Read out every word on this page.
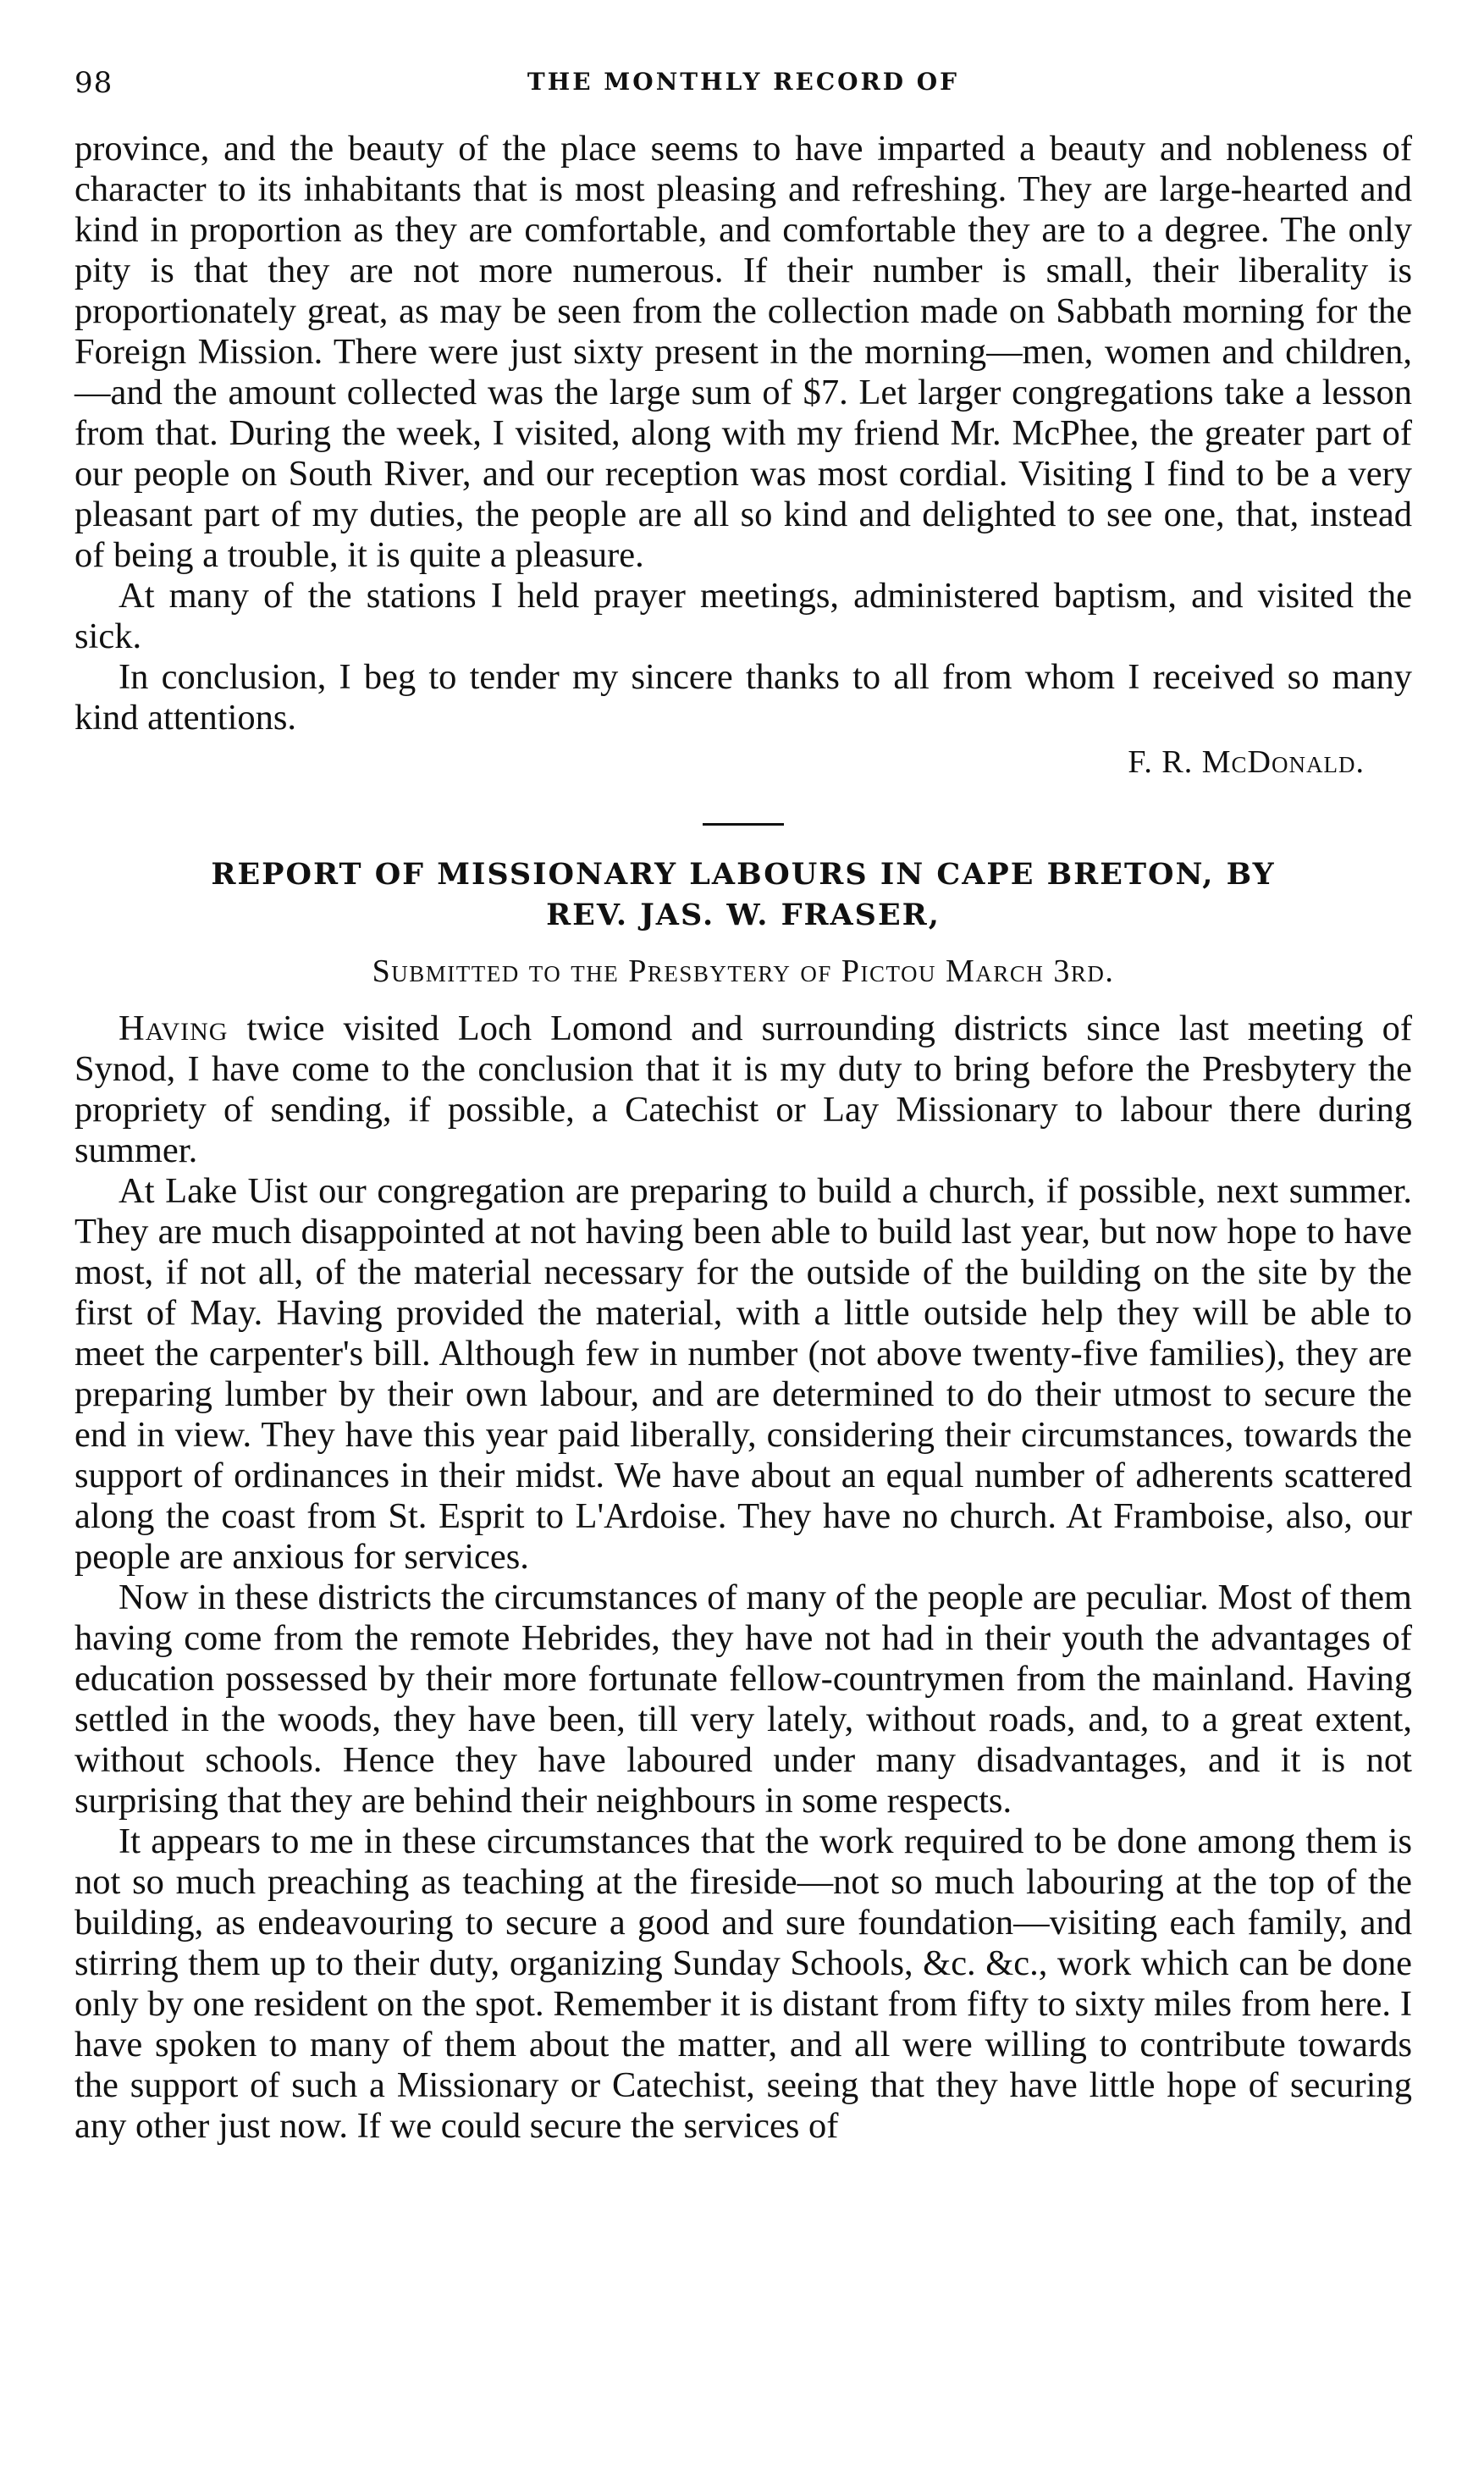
98	THE MONTHLY RECORD OF

province, and the beauty of the place seems to have imparted a beauty and nobleness of character to its inhabitants that is most pleasing and refreshing. They are large-hearted and kind in proportion as they are comfortable, and comfortable they are to a degree. The only pity is that they are not more numerous. If their number is small, their liberality is proportionately great, as may be seen from the collection made on Sabbath morning for the Foreign Mission. There were just sixty present in the morning—men, women and children, —and the amount collected was the large sum of $7. Let larger congregations take a lesson from that. During the week, I visited, along with my friend Mr. McPhee, the greater part of our people on South River, and our reception was most cordial. Visiting I find to be a very pleasant part of my duties, the people are all so kind and delighted to see one, that, instead of being a trouble, it is quite a pleasure.

At many of the stations I held prayer meetings, administered baptism, and visited the sick.

In conclusion, I beg to tender my sincere thanks to all from whom I received so many kind attentions.

F. R. McDonald.
REPORT OF MISSIONARY LABOURS IN CAPE BRETON, BY
REV. JAS. W. FRASER,
Submitted to the Presbytery of Pictou March 3rd.

Having twice visited Loch Lomond and surrounding districts since last meeting of Synod, I have come to the conclusion that it is my duty to bring before the Presbytery the propriety of sending, if possible, a Catechist or Lay Missionary to labour there during summer.

At Lake Uist our congregation are preparing to build a church, if possible, next summer. They are much disappointed at not having been able to build last year, but now hope to have most, if not all, of the material necessary for the outside of the building on the site by the first of May. Having provided the material, with a little outside help they will be able to meet the carpenter's bill. Although few in number (not above twenty-five families), they are preparing lumber by their own labour, and are determined to do their utmost to secure the end in view. They have this year paid liberally, considering their circumstances, towards the support of ordinances in their midst. We have about an equal number of adherents scattered along the coast from St. Esprit to L'Ardoise. They have no church. At Framboise, also, our people are anxious for services.

Now in these districts the circumstances of many of the people are peculiar. Most of them having come from the remote Hebrides, they have not had in their youth the advantages of education possessed by their more fortunate fellow-countrymen from the mainland. Having settled in the woods, they have been, till very lately, without roads, and, to a great extent, without schools. Hence they have laboured under many disadvantages, and it is not surprising that they are behind their neighbours in some respects.

It appears to me in these circumstances that the work required to be done among them is not so much preaching as teaching at the fireside—not so much labouring at the top of the building, as endeavouring to secure a good and sure foundation—visiting each family, and stirring them up to their duty, organizing Sunday Schools, &c. &c., work which can be done only by one resident on the spot. Remember it is distant from fifty to sixty miles from here. I have spoken to many of them about the matter, and all were willing to contribute towards the support of such a Missionary or Catechist, seeing that they have little hope of securing any other just now. If we could secure the services of
